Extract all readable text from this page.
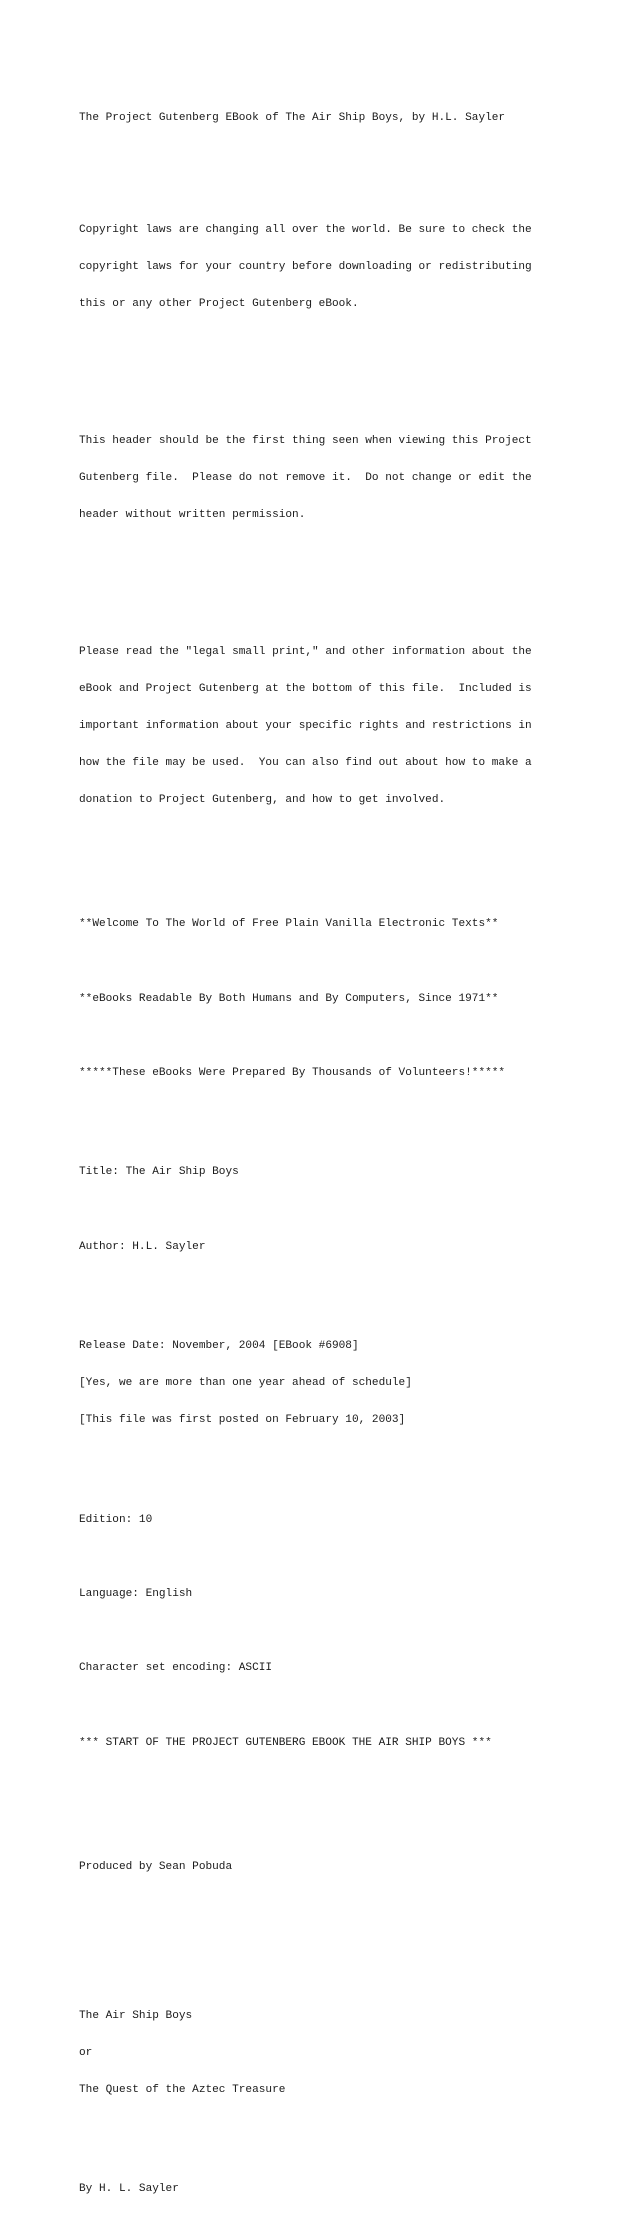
The Project Gutenberg EBook of The Air Ship Boys, by H.L. Sayler

Copyright laws are changing all over the world. Be sure to check the

copyright laws for your country before downloading or redistributing

this or any other Project Gutenberg eBook.

This header should be the first thing seen when viewing this Project

Gutenberg file.  Please do not remove it.  Do not change or edit the

header without written permission.

Please read the "legal small print," and other information about the

eBook and Project Gutenberg at the bottom of this file.  Included is

important information about your specific rights and restrictions in

how the file may be used.  You can also find out about how to make a

donation to Project Gutenberg, and how to get involved.

**Welcome To The World of Free Plain Vanilla Electronic Texts**

**eBooks Readable By Both Humans and By Computers, Since 1971**

*****These eBooks Were Prepared By Thousands of Volunteers!*****

Title: The Air Ship Boys

Author: H.L. Sayler

Release Date: November, 2004 [EBook #6908]

[Yes, we are more than one year ahead of schedule]

[This file was first posted on February 10, 2003]

Edition: 10

Language: English

Character set encoding: ASCII

*** START OF THE PROJECT GUTENBERG EBOOK THE AIR SHIP BOYS ***

Produced by Sean Pobuda

The Air Ship Boys

or

The Quest of the Aztec Treasure

By H. L. Sayler
